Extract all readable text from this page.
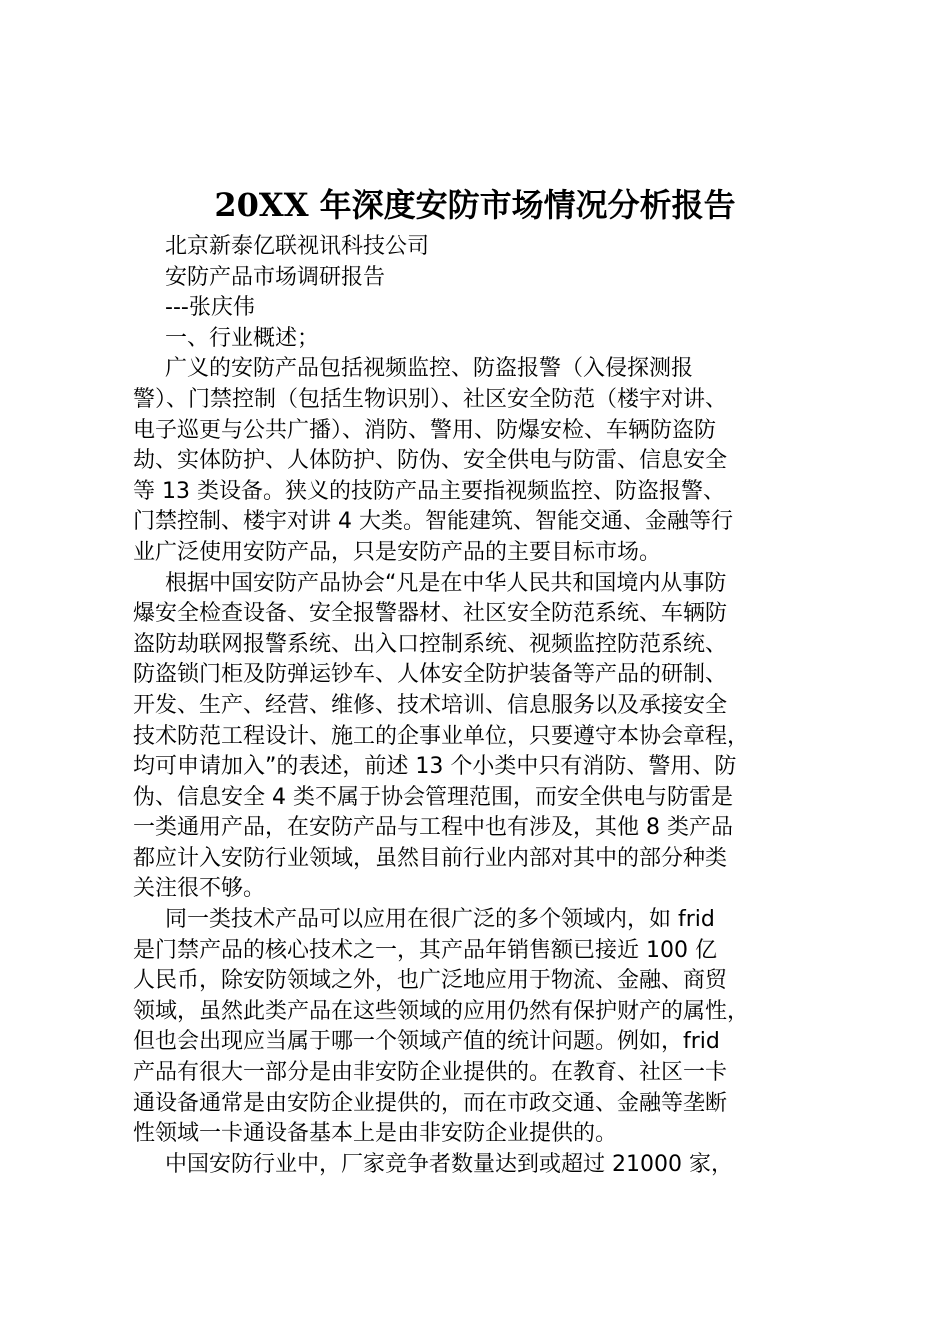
20XX 年深度安防市场情况分析报告
北京新泰亿联视讯科技公司
安防产品市场调研报告
---张庆伟
一、行业概述；
广义的安防产品包括视频监控、防盗报警（入侵探测报
警）、门禁控制（包括生物识别）、社区安全防范（楼宇对讲、
电子巡更与公共广播）、消防、警用、防爆安检、车辆防盗防
劫、实体防护、人体防护、防伪、安全供电与防雷、信息安全
等 13 类设备。狭义的技防产品主要指视频监控、防盗报警、
门禁控制、楼宇对讲 4 大类。智能建筑、智能交通、金融等行
业广泛使用安防产品，只是安防产品的主要目标市场。
根据中国安防产品协会“凡是在中华人民共和国境内从事防
爆安全检查设备、安全报警器材、社区安全防范系统、车辆防
盗防劫联网报警系统、出入口控制系统、视频监控防范系统、
防盗锁门柜及防弹运钞车、人体安全防护装备等产品的研制、
开发、生产、经营、维修、技术培训、信息服务以及承接安全
技术防范工程设计、施工的企事业单位，只要遵守本协会章程，
均可申请加入”的表述，前述 13 个小类中只有消防、警用、防
伪、信息安全 4 类不属于协会管理范围，而安全供电与防雷是
一类通用产品，在安防产品与工程中也有涉及，其他 8 类产品
都应计入安防行业领域，虽然目前行业内部对其中的部分种类
关注很不够。
同一类技术产品可以应用在很广泛的多个领域内，如 frid
是门禁产品的核心技术之一，其产品年销售额已接近 100 亿
人民币，除安防领域之外，也广泛地应用于物流、金融、商贸
领域，虽然此类产品在这些领域的应用仍然有保护财产的属性，
但也会出现应当属于哪一个领域产值的统计问题。例如，frid
产品有很大一部分是由非安防企业提供的。在教育、社区一卡
通设备通常是由安防企业提供的，而在市政交通、金融等垄断
性领域一卡通设备基本上是由非安防企业提供的。
中国安防行业中，厂家竞争者数量达到或超过 21000 家，
